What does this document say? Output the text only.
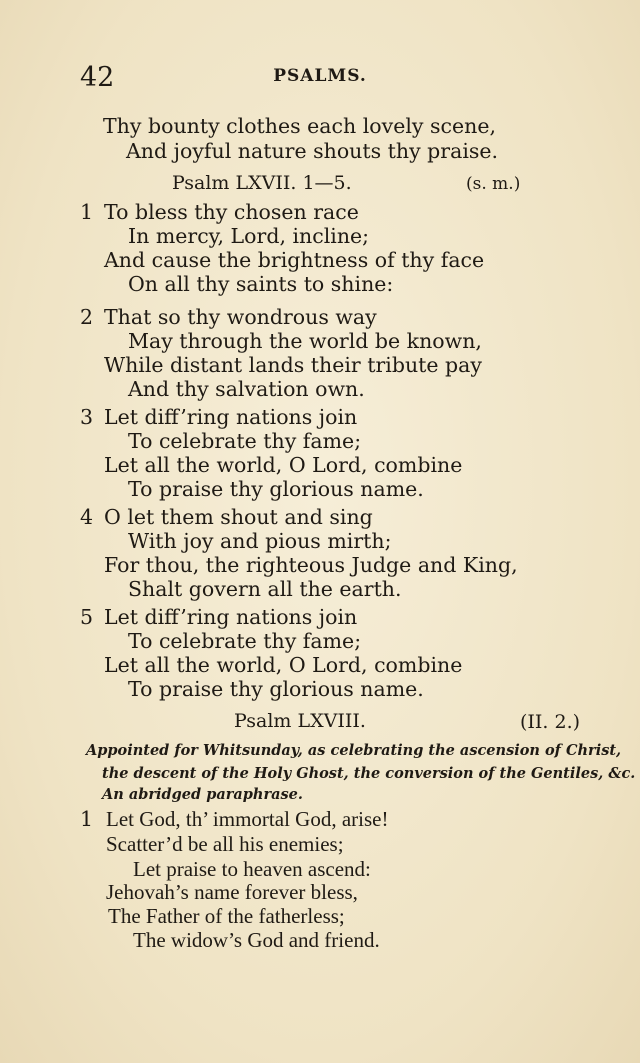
42	PSALMS.
Thy bounty clothes each lovely scene,
And joyful nature shouts thy praise.
Psalm LXVII. 1—5.	(s. m.)
1 To bless thy chosen race
In mercy, Lord, incline;
And cause the brightness of thy face
On all thy saints to shine:
2 That so thy wondrous way
May through the world be known,
While distant lands their tribute pay
And thy salvation own.
3 Let diff’ring nations join
To celebrate thy fame;
Let all the world, O Lord, combine
To praise thy glorious name.
4 O let them shout and sing
With joy and pious mirth;
For thou, the righteous Judge and King,
Shalt govern all the earth.
5 Let diff’ring nations join
To celebrate thy fame;
Let all the world, O Lord, combine
To praise thy glorious name.
Psalm LXVIII.	(II. 2.)
Appointed for Whitsunday, as celebrating the ascension of Christ,
the descent of the Holy Ghost, the conversion of the Gentiles, &c.
An abridged paraphrase.
1 Let God, th’ immortal God, arise!
Scatter’d be all his enemies;
Let praise to heaven ascend:
Jehovah’s name forever bless,
The Father of the fatherless;
The widow’s God and friend.
